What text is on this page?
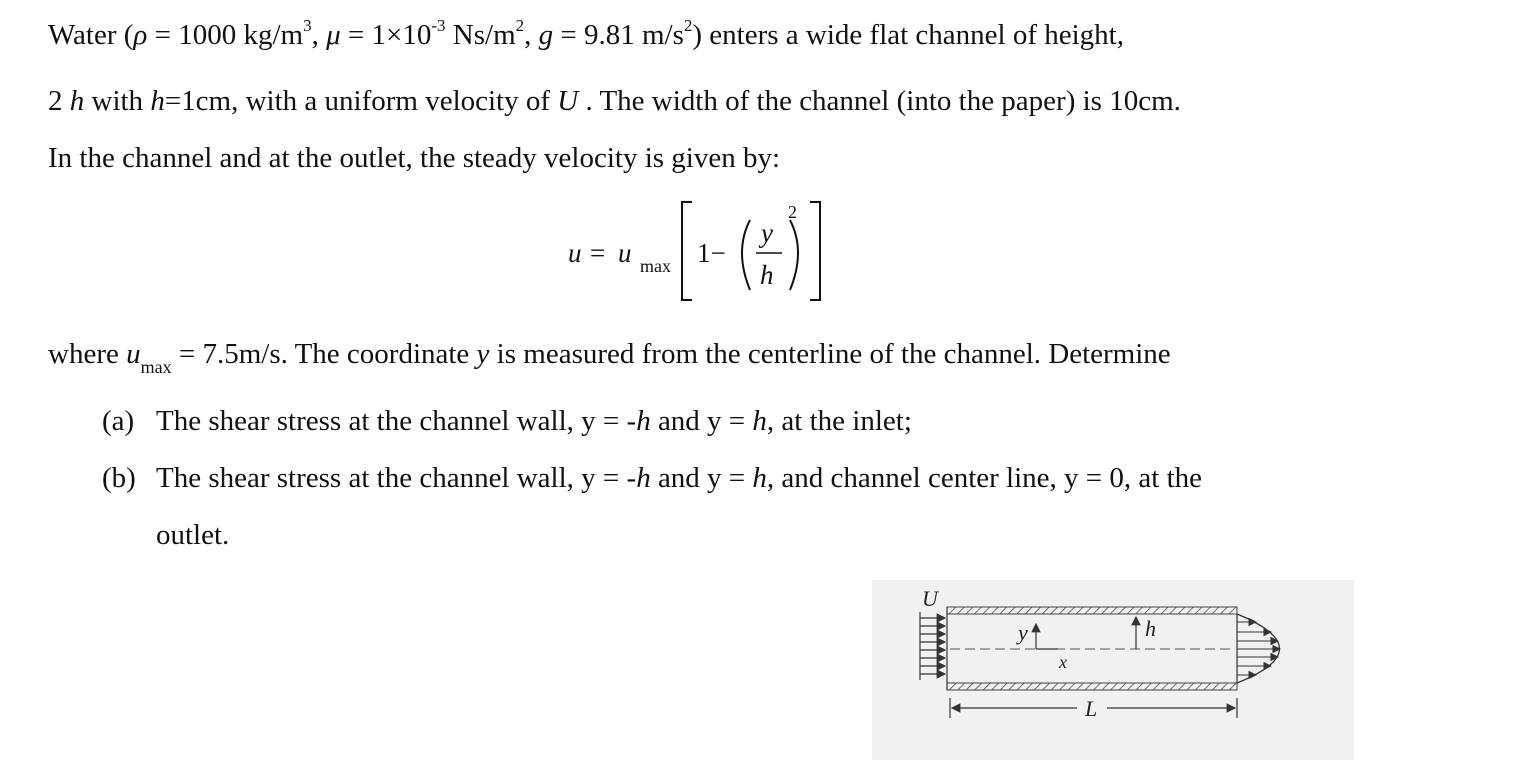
Water (ρ = 1000 $kg/m^3$, $\mu = 1\times 10^{-3}$ $Ns/m^2$, g = 9.81 $m/s^2$) enters a wide flat channel of height,
2 h with h=1cm, with a uniform velocity of U . The width of the channel (into the paper) is 10cm.
In the channel and at the outlet, the steady velocity is given by:
u = u max 1−
y
h
2
where $u_{max} = 7.5m/s$. The coordinate y is measured from the centerline of the channel. Determine
(a) The shear stress at the channel wall, y = -h and y = h, at the inlet;
(b) The shear stress at the channel wall, y = -h and y = h, and channel center line, y = 0, at the
outlet.
U
y
x
h
L
